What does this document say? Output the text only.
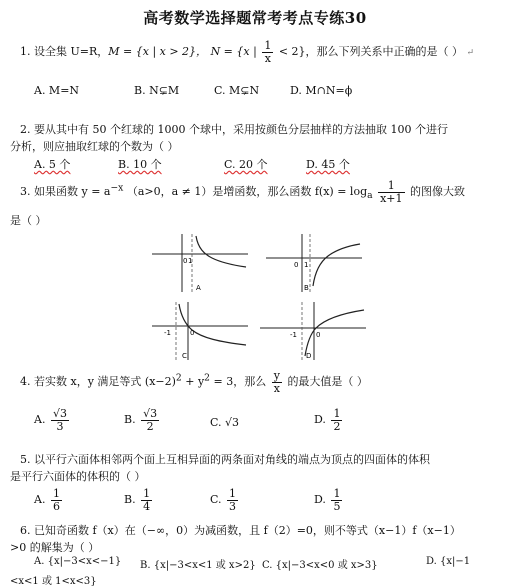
高考数学选择题常考考点专练30
1. 设全集 U=R，M = {x | x > 2}， N = {x | $\frac{1}{x} < 2$}，那么下列关系中正确的是（ ） ↵
A. M=N	B. N⊊M	C. M⊊N	D. M∩N=ϕ
2. 要从其中有 50 个红球的 1000 个球中，采用按颜色分层抽样的方法抽取 100 个进行
分析，则应抽取红球的个数为（ ）
A. 5 个	B. 10 个	C. 20 个	D. 45 个
3. 如果函数 $y = a^{-x}$ （a>0，a ≠ 1）是增函数，那么函数 $f(x) = \log_a \frac{1}{x+1}$ 的图像大致
是（ ）
0 1
A
0 1
B
-1	0
C
-1	0
D
4. 若实数 x，y 满足等式 $(x-2)^2 + y^2 = 3$，那么 $\frac{y}{x}$ 的最大值是（ ）
A. $\frac{√3}{3}$	B. $\frac{√3}{2}$	C. √3	D. $\frac{1}{2}$
5. 以平行六面体相邻两个面上互相异面的两条面对角线的端点为顶点的四面体的体积
是平行六面体的体积的（ ）
A. $\frac{1}{6}$	B. $\frac{1}{4}$	C. $\frac{1}{3}$	D. $\frac{1}{5}$
6. 已知奇函数 f（x）在（−∞，0）为减函数，且 f（2）=0，则不等式（x−1）f（x−1）
>0 的解集为（ ）
A. {x|−3<x<−1} B. {x|−3<x<1 或 x>2} C. {x|−3<x<0 或 x>3}	D. {x|−1
<x<1 或 1<x<3}
